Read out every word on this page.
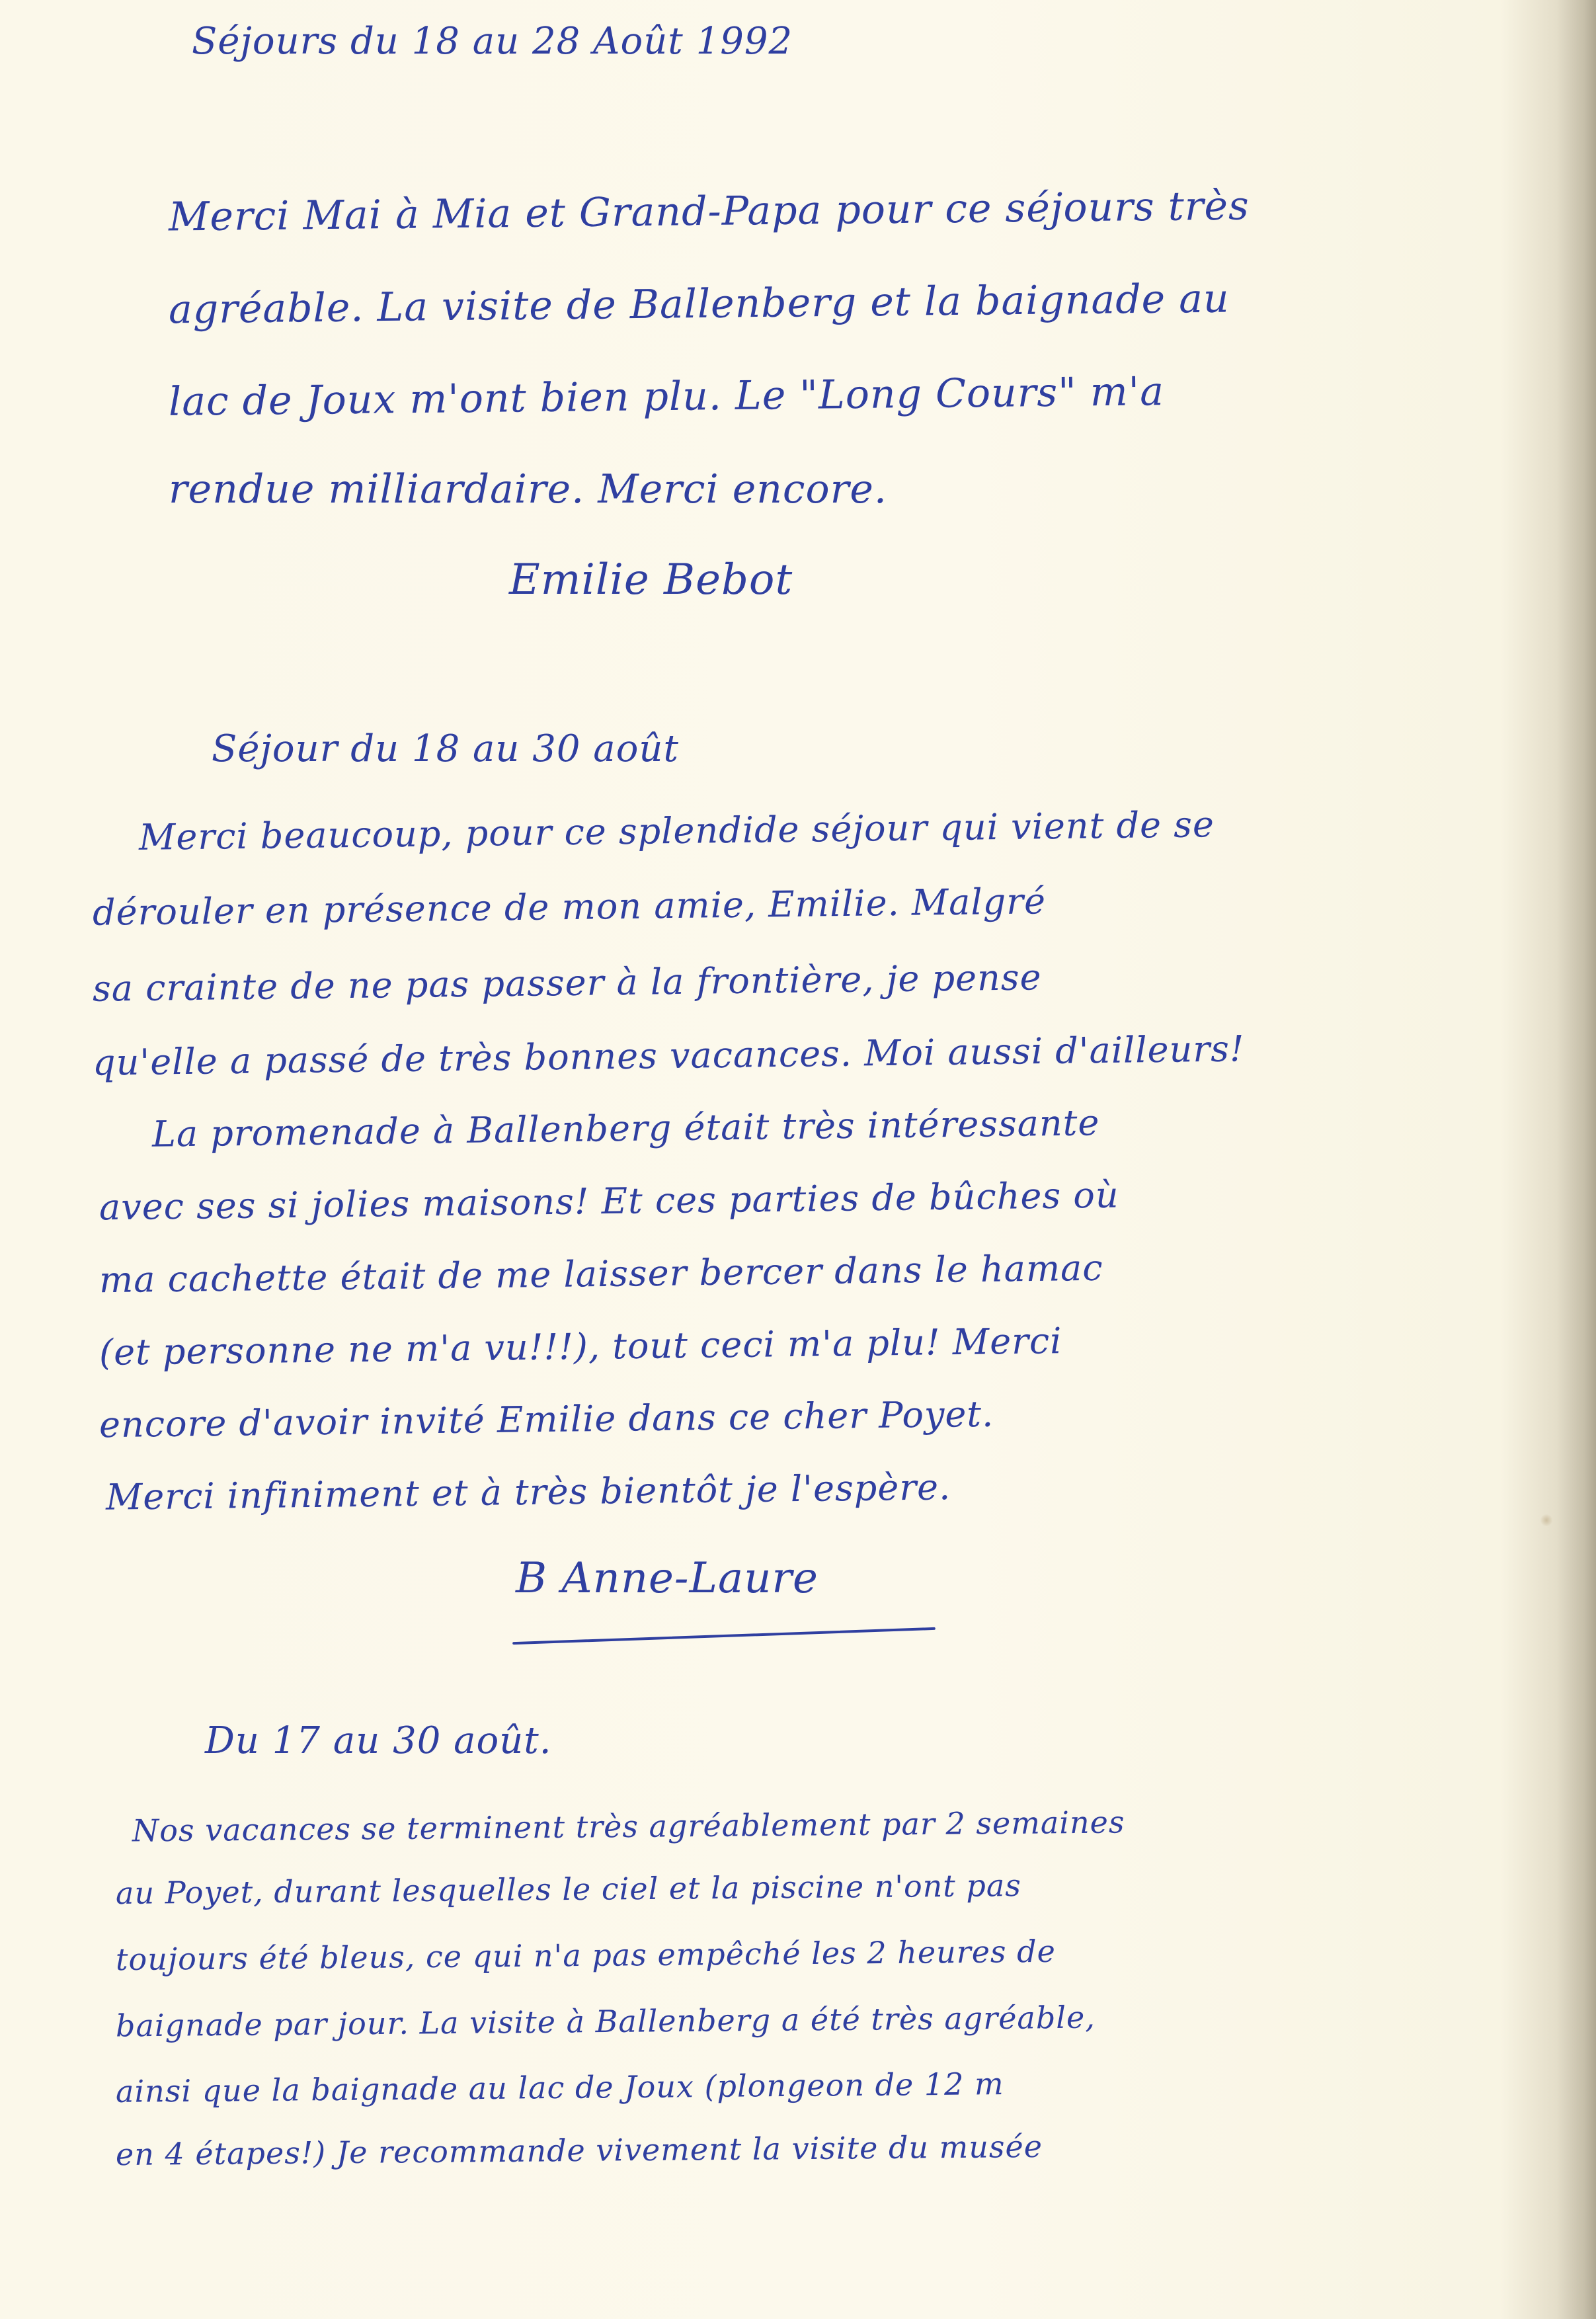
Séjours du 18 au 28 Août 1992
Merci Mai à Mia et Grand-Papa pour ce séjours très
agréable. La visite de Ballenberg et la baignade au
lac de Joux m'ont bien plu. Le "Long Cours" m'a
rendue milliardaire. Merci encore.
Emilie Bebot
Séjour du 18 au 30 août
Merci beaucoup, pour ce splendide séjour qui vient de se
dérouler en présence de mon amie, Emilie. Malgré
sa crainte de ne pas passer à la frontière, je pense
qu'elle a passé de très bonnes vacances. Moi aussi d'ailleurs!
La promenade à Ballenberg était très intéressante
avec ses si jolies maisons! Et ces parties de bûches où
ma cachette était de me laisser bercer dans le hamac
(et personne ne m'a vu!!!), tout ceci m'a plu! Merci
encore d'avoir invité Emilie dans ce cher Poyet.
Merci infiniment et à très bientôt je l'espère.
B Anne-Laure
Du 17 au 30 août.
Nos vacances se terminent très agréablement par 2 semaines
au Poyet, durant lesquelles le ciel et la piscine n'ont pas
toujours été bleus, ce qui n'a pas empêché les 2 heures de
baignade par jour. La visite à Ballenberg a été très agréable,
ainsi que la baignade au lac de Joux (plongeon de 12 m
en 4 étapes!) Je recommande vivement la visite du musée
